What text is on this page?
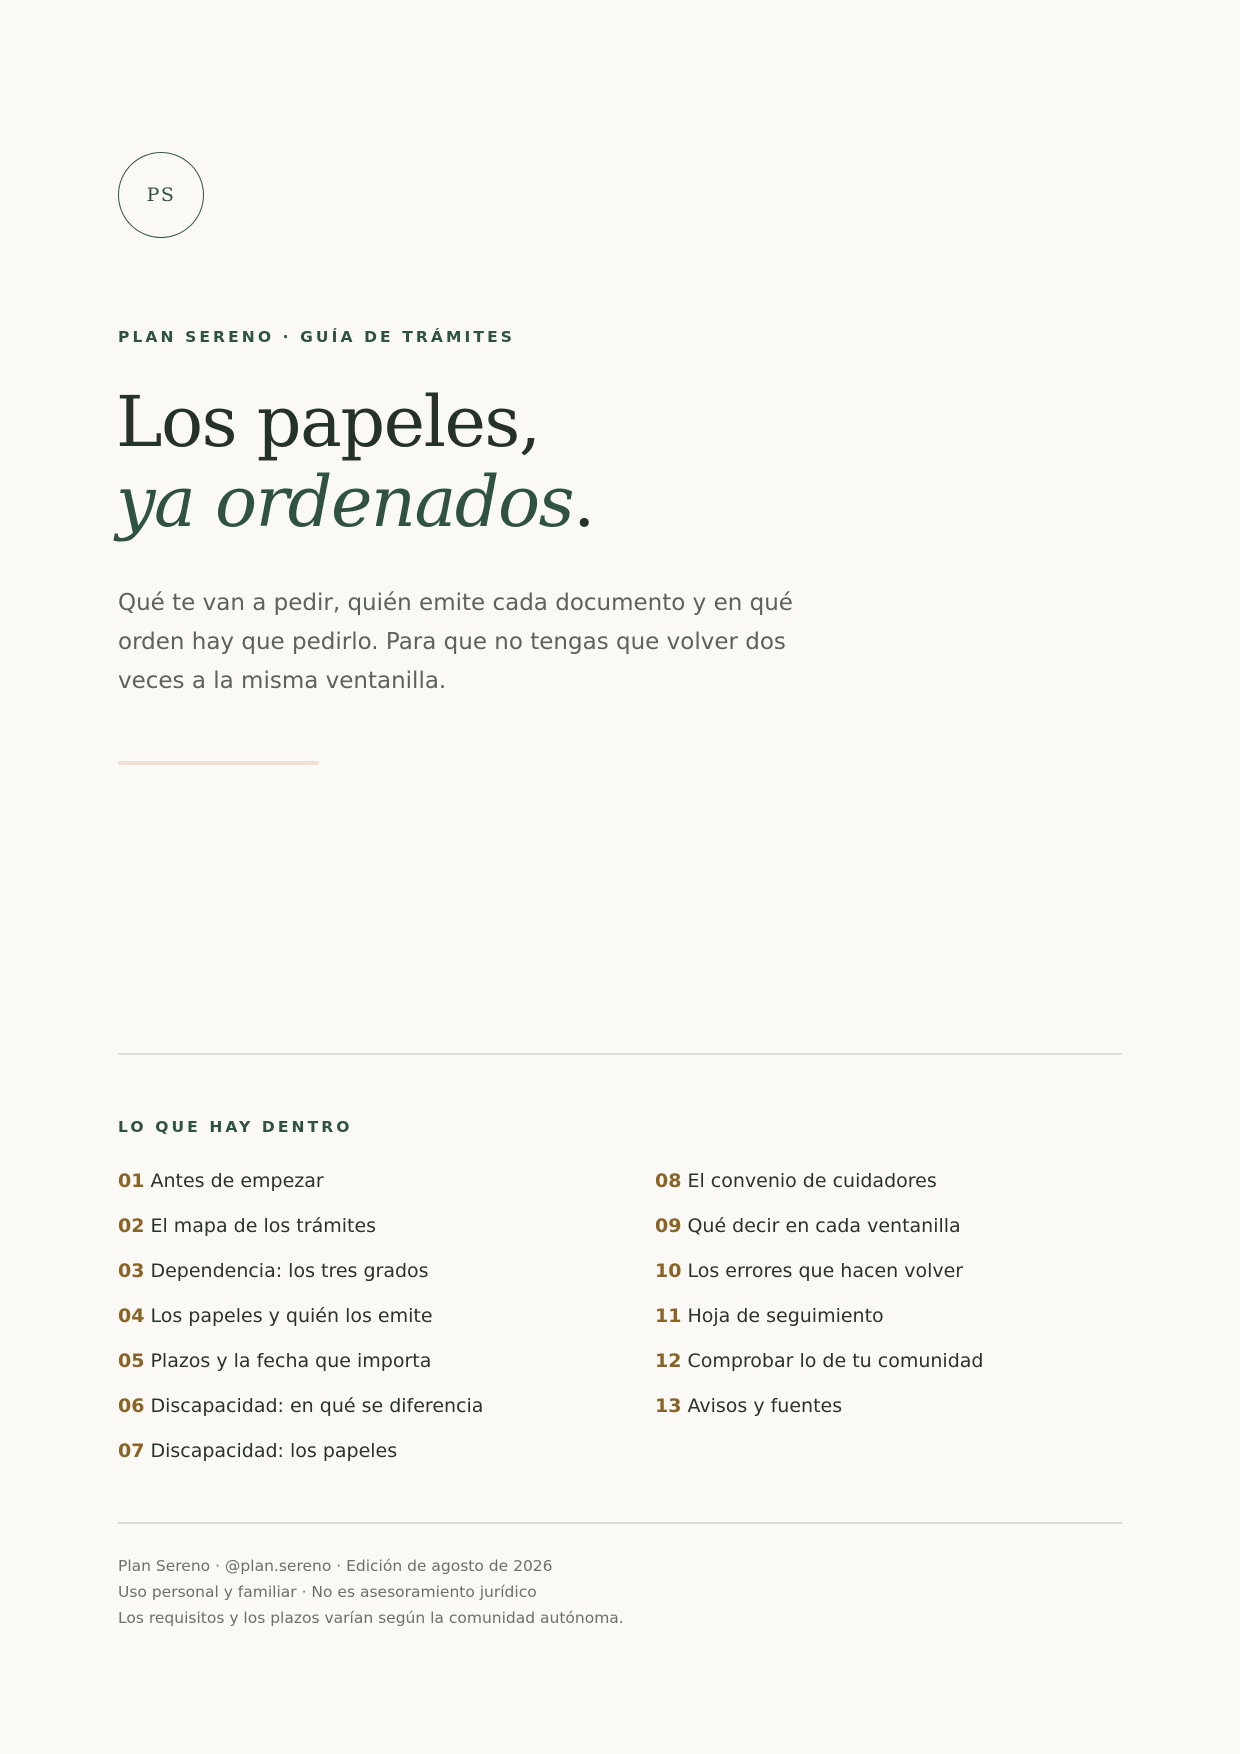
PS
PLAN SERENO · GUÍA DE TRÁMITES
Los papeles,
ya ordenados.

Qué te van a pedir, quién emite cada documento y en qué orden hay que pedirlo. Para que no tengas que volver dos veces a la misma ventanilla.

LO QUE HAY DENTRO
01 Antes de empezar
02 El mapa de los trámites
03 Dependencia: los tres grados
04 Los papeles y quién los emite
05 Plazos y la fecha que importa
06 Discapacidad: en qué se diferencia
07 Discapacidad: los papeles
08 El convenio de cuidadores
09 Qué decir en cada ventanilla
10 Los errores que hacen volver
11 Hoja de seguimiento
12 Comprobar lo de tu comunidad
13 Avisos y fuentes
Plan Sereno · @plan.sereno · Edición de agosto de 2026
Uso personal y familiar · No es asesoramiento jurídico
Los requisitos y los plazos varían según la comunidad autónoma.
